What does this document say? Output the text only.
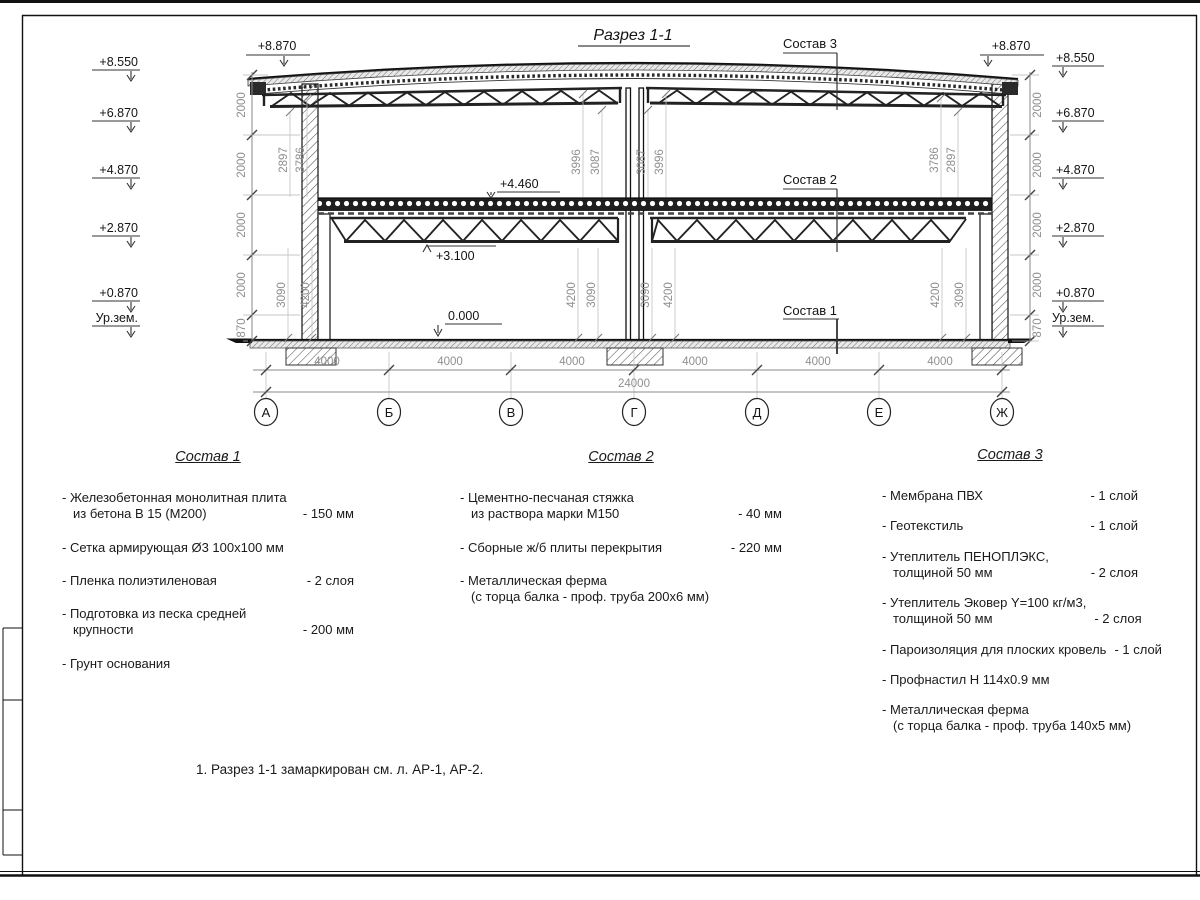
Разрез 1-1
2000
2000
2000
2000
870
2000
2000
2000
2000
870
2897 3786	3996 3087	3087 3996	3786 2897
3090 4200	4200 3090	3090 4200	4200 3090
4000	4000	4000	4000	4000	4000
24000
А	Б	В	Г	Д	Е	Ж
+8.550
+6.870
+4.870
+2.870
+0.870
Ур.зем.
+8.550
+6.870
+4.870
+2.870
+0.870
Ур.зем.
+8.870	+8.870
+4.460
+3.100
0.000
Состав 3
Состав 2
Состав 1
Состав 1
- Железобетонная монолитная плита
из бетона В 15 (М200)	- 150 мм
- Сетка армирующая Ø3 100х100 мм
- Пленка полиэтиленовая	- 2 слоя
- Подготовка из песка средней
крупности	- 200 мм
- Грунт основания
Состав 2
- Цементно-песчаная стяжка
из раствора марки М150	- 40 мм
- Сборные ж/б плиты перекрытия	- 220 мм
- Металлическая ферма
(с торца балка - проф. труба 200х6 мм)
Состав 3
- Мембрана ПВХ	- 1 слой
- Геотекстиль	- 1 слой
- Утеплитель ПЕНОПЛЭКС,
толщиной 50 мм	- 2 слоя
- Утеплитель Эковер Y=100 кг/м3,
толщиной 50 мм	- 2 слоя
- Пароизоляция для плоских кровель - 1 слой
- Профнастил Н 114х0.9 мм
- Металлическая ферма
(с торца балка - проф. труба 140х5 мм)
1. Разрез 1-1 замаркирован см. л. АР-1, АР-2.
